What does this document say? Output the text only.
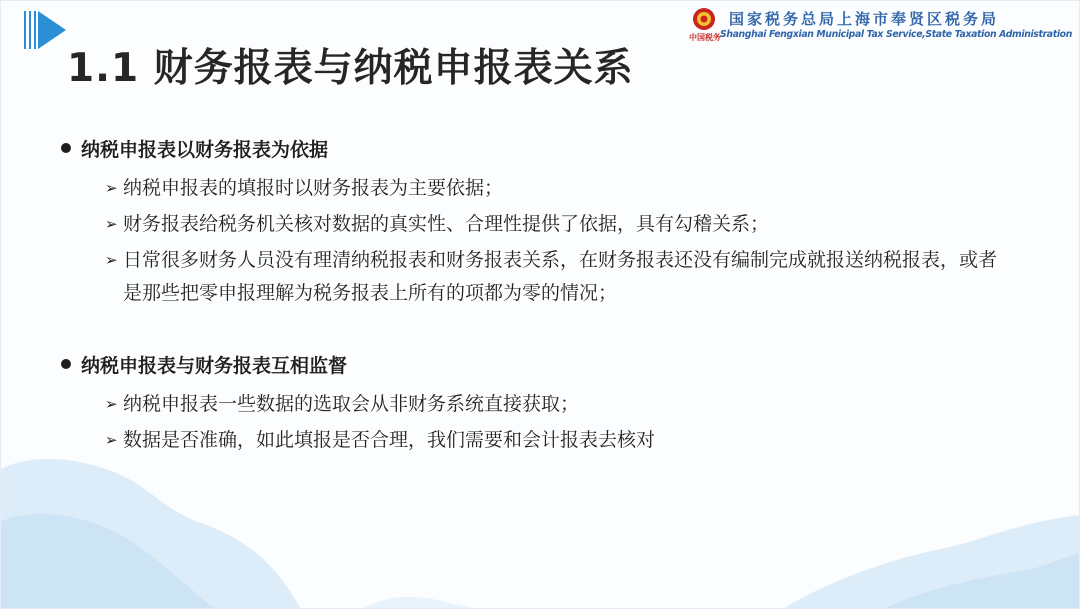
1.1 财务报表与纳税申报表关系
中国税务
国家税务总局上海市奉贤区税务局
Shanghai Fengxian Municipal Tax Service,State Taxation Administration
纳税申报表以财务报表为依据
➢ 纳税申报表的填报时以财务报表为主要依据；
➢ 财务报表给税务机关核对数据的真实性、合理性提供了依据，具有勾稽关系；
➢ 日常很多财务人员没有理清纳税报表和财务报表关系，在财务报表还没有编制完成就报送纳税报表，或者是那些把零申报理解为税务报表上所有的项都为零的情况；
纳税申报表与财务报表互相监督
➢ 纳税申报表一些数据的选取会从非财务系统直接获取；
➢ 数据是否准确，如此填报是否合理，我们需要和会计报表去核对
